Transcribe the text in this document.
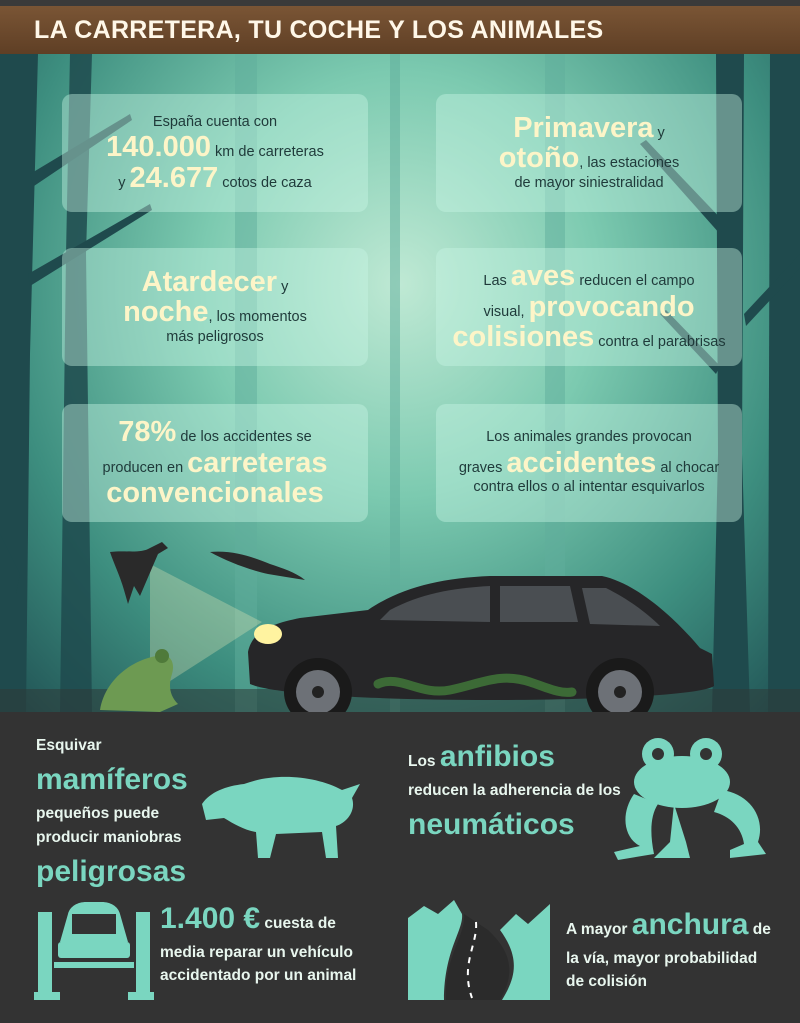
LA CARRETERA, TU COCHE Y LOS ANIMALES
España cuenta con
140.000 km de carreteras
y 24.677 cotos de caza
Primavera y
otoño, las estaciones
de mayor siniestralidad
Atardecer y
noche, los momentos
más peligrosos
Las aves reducen el campo
visual, provocando
colisiones contra el parabrisas
78% de los accidentes se
producen en carreteras
convencionales
Los animales grandes provocan
graves accidentes al chocar
contra ellos o al intentar esquivarlos
Esquivar mamíferos
pequeños puede
producir maniobras
peligrosas
Los anfibios
reducen la adherencia de los
neumáticos
1.400 € cuesta de
media reparar un vehículo
accidentado por un animal
A mayor anchura de
la vía, mayor probabilidad
de colisión
